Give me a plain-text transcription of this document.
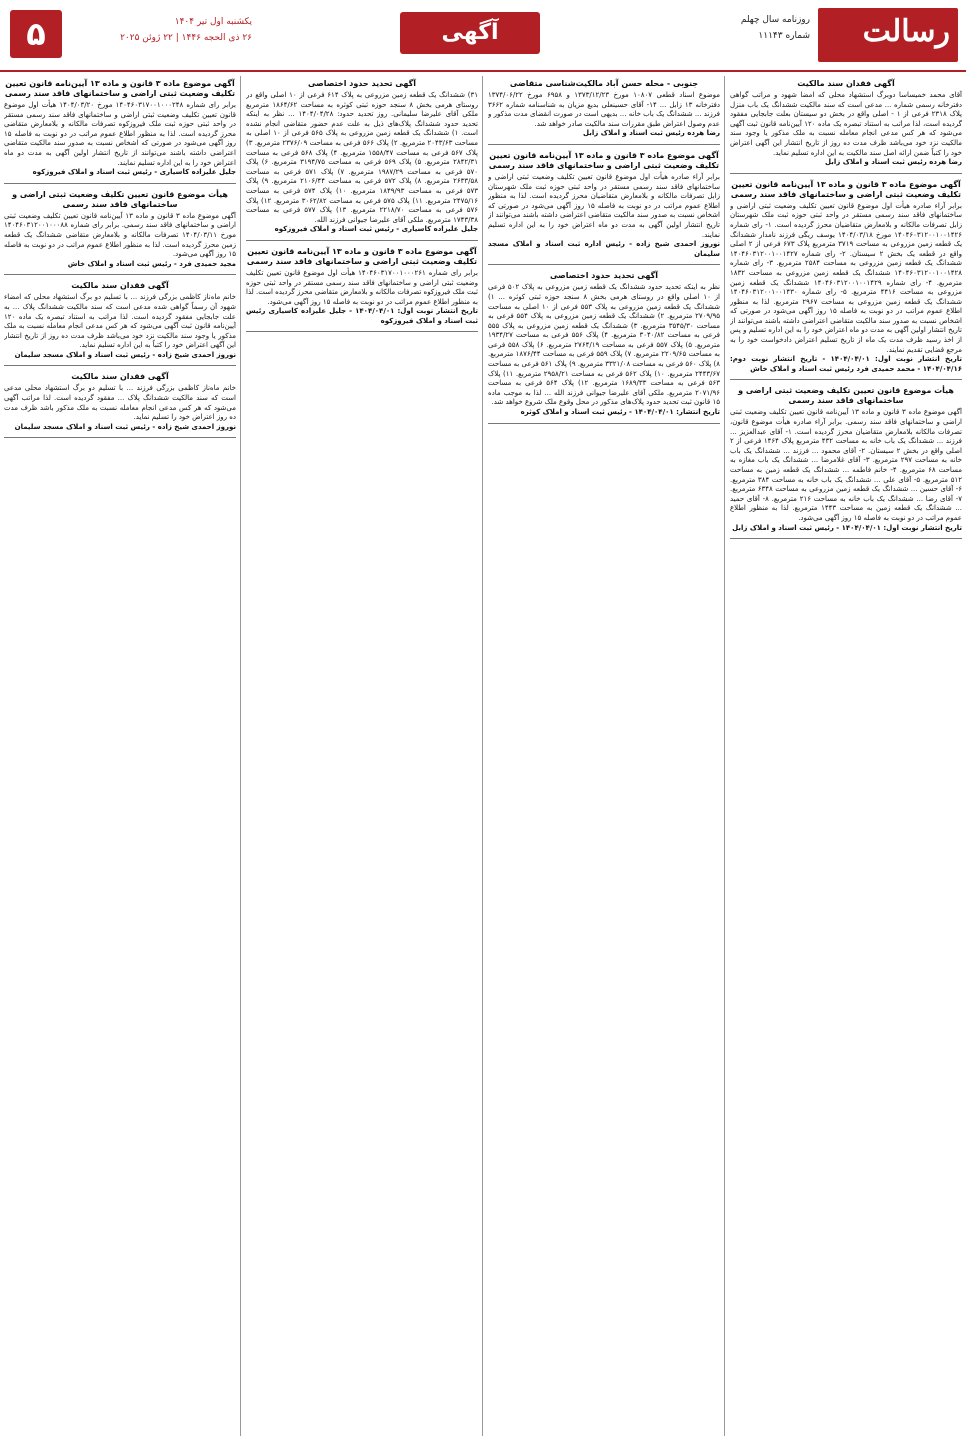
رسالت
روزنامه سال چهلم
شماره ۱۱۱۴۳
آگهی
یکشنبه اول تیر ۱۴۰۴
۲۶ ذی الحجه ۱۴۴۶ | ۲۲ ژوئن ۲۰۲۵
۵
آگهی فقدان سند مالکیت

آقای محمد خمیساسا دوبرگ استشهاد محلی که امضا شهود و مراتب گواهی دفترخانه رسمی شماره ... مدعی است که سند مالکیت ششدانگ یک باب منزل پلاک ۲۳۱۸ فرعی از ۱ - اصلی واقع در بخش دو سیستان بعلت جابجایی مفقود گردیده است، لذا مراتب به استناد تبصره یک ماده ۱۲۰ آیین‌نامه قانون ثبت آگهی می‌شود که هر کس مدعی انجام معامله نسبت به ملک مذکور یا وجود سند مالکیت نزد خود می‌باشد ظرف مدت ده روز از تاریخ انتشار این آگهی اعتراض خود را کتباً ضمن ارائه اصل سند مالکیت به این اداره تسلیم نماید.

رضا هرده رئیس ثبت اسناد و املاک زابل

آگهی موضوع ماده ۳ قانون و ماده ۱۳ آیین‌نامه قانون تعیین تکلیف وضعیت ثبتی اراضی و ساختمانهای فاقد سند رسمی

برابر آراء صادره هیأت اول موضوع قانون تعیین تکلیف وضعیت ثبتی اراضی و ساختمانهای فاقد سند رسمی مستقر در واحد ثبتی حوزه ثبت ملک شهرستان زابل تصرفات مالکانه و بلامعارض متقاضیان محرز گردیده است. ۱- رای شماره ۱۴۰۴۶۰۳۱۲۰۰۱۰۰۱۴۲۶ مورخ ۱۴۰۴/۰۳/۱۸ یوسف ریگی فرزند نامدار ششدانگ یک قطعه زمین مزروعی به مساحت ۳۷۱۹ مترمربع پلاک ۶۷۳ فرعی از ۲ اصلی واقع در قطعه یک بخش ۲ سیستان. ۲- رای شماره ۱۴۰۴۶۰۳۱۲۰۰۱۰۰۱۴۲۷ ششدانگ یک قطعه زمین مزروعی به مساحت ۲۵۸۴ مترمربع. ۳- رای شماره ۱۴۰۴۶۰۳۱۲۰۰۱۰۰۱۴۲۸ ششدانگ یک قطعه زمین مزروعی به مساحت ۱۸۳۲ مترمربع. ۴- رای شماره ۱۴۰۴۶۰۳۱۲۰۰۱۰۰۱۴۲۹ ششدانگ یک قطعه زمین مزروعی به مساحت ۴۴۱۶ مترمربع. ۵- رای شماره ۱۴۰۴۶۰۳۱۲۰۰۱۰۰۱۴۳۰ ششدانگ یک قطعه زمین مزروعی به مساحت ۲۹۶۷ مترمربع. لذا به منظور اطلاع عموم مراتب در دو نوبت به فاصله ۱۵ روز آگهی می‌شود در صورتی که اشخاص نسبت به صدور سند مالکیت متقاضی اعتراضی داشته باشند می‌توانند از تاریخ انتشار اولین آگهی به مدت دو ماه اعتراض خود را به این اداره تسلیم و پس از اخذ رسید ظرف مدت یک ماه از تاریخ تسلیم اعتراض دادخواست خود را به مرجع قضایی تقدیم نمایند.

تاریخ انتشار نوبت اول: ۱۴۰۴/۰۴/۰۱ - تاریخ انتشار نوبت دوم: ۱۴۰۴/۰۴/۱۶ - محمد حمیدی فرد رئیس ثبت اسناد و املاک خاش

هیأت موضوع قانون تعیین تکلیف وضعیت ثبتی اراضی و ساختمانهای فاقد سند رسمی

آگهی موضوع ماده ۳ قانون و ماده ۱۳ آیین‌نامه قانون تعیین تکلیف وضعیت ثبتی اراضی و ساختمانهای فاقد سند رسمی. برابر آراء صادره هیأت موضوع قانون، تصرفات مالکانه بلامعارض متقاضیان محرز گردیده است. ۱- آقای عبدالعزیز ... فرزند ... ششدانگ یک باب خانه به مساحت ۴۳۲ مترمربع پلاک ۱۴۶۴ فرعی از ۲ اصلی واقع در بخش ۲ سیستان. ۲- آقای محمود ... فرزند ... ششدانگ یک باب خانه به مساحت ۲۹۷ مترمربع. ۳- آقای غلامرضا ... ششدانگ یک باب مغازه به مساحت ۶۸ مترمربع. ۴- خانم فاطمه ... ششدانگ یک قطعه زمین به مساحت ۵۱۲ مترمربع. ۵- آقای علی ... ششدانگ یک باب خانه به مساحت ۳۸۴ مترمربع. ۶- آقای حسین ... ششدانگ یک قطعه زمین مزروعی به مساحت ۶۳۴۸ مترمربع. ۷- آقای رضا ... ششدانگ یک باب خانه به مساحت ۲۱۶ مترمربع. ۸- آقای حمید ... ششدانگ یک قطعه زمین به مساحت ۱۴۴۳ مترمربع. لذا به منظور اطلاع عموم مراتب در دو نوبت به فاصله ۱۵ روز آگهی می‌شود.

تاریخ انتشار نوبت اول: ۱۴۰۴/۰۴/۰۱ - رئیس ثبت اسناد و املاک زابل

جنوبی - محله حسن آباد مالکیت‌شناسی متقاضی

موضوع اسناد قطعی ۱۰۸۰۷ مورخ ۱۳۷۳/۱۲/۲۳ و ۶۹۵۸ مورخ ۱۳۷۴/۰۶/۲۲ دفترخانه ۱۳ زابل ... ۱۴- آقای حسینعلی بدیع مزیان به شناسنامه شماره ۳۶۶۲ فرزند ... ششدانگ یک باب خانه ... بدیهی است در صورت انقضای مدت مذکور و عدم وصول اعتراض طبق مقررات سند مالکیت صادر خواهد شد.

رضا هرده رئیس ثبت اسناد و املاک زابل

آگهی موضوع ماده ۳ قانون و ماده ۱۳ آیین‌نامه قانون تعیین تکلیف وضعیت ثبتی اراضی و ساختمانهای فاقد سند رسمی

برابر آراء صادره هیأت اول موضوع قانون تعیین تکلیف وضعیت ثبتی اراضی و ساختمانهای فاقد سند رسمی مستقر در واحد ثبتی حوزه ثبت ملک شهرستان زابل تصرفات مالکانه و بلامعارض متقاضیان محرز گردیده است. لذا به منظور اطلاع عموم مراتب در دو نوبت به فاصله ۱۵ روز آگهی می‌شود در صورتی که اشخاص نسبت به صدور سند مالکیت متقاضی اعتراضی داشته باشند می‌توانند از تاریخ انتشار اولین آگهی به مدت دو ماه اعتراض خود را به این اداره تسلیم نمایند.

نوروز احمدی شیخ زاده - رئیس اداره ثبت اسناد و املاک مسجد سلیمان

آگهی تحدید حدود اختصاصی

نظر به اینکه تحدید حدود ششدانگ یک قطعه زمین مزروعی به پلاک ۵۰۲ فرعی از ۱۰ اصلی واقع در روستای هرمی بخش ۸ سنجد حوزه ثبتی کوثره ... ۱) ششدانگ یک قطعه زمین مزروعی به پلاک ۵۵۳ فرعی از ۱۰ اصلی به مساحت ۲۷۰۹/۹۵ مترمربع. ۲) ششدانگ یک قطعه زمین مزروعی به پلاک ۵۵۴ فرعی به مساحت ۳۵۴۵/۳۰ مترمربع. ۳) ششدانگ یک قطعه زمین مزروعی به پلاک ۵۵۵ فرعی به مساحت ۳۰۴۰/۸۲ مترمربع. ۴) پلاک ۵۵۶ فرعی به مساحت ۱۹۳۴/۲۷ مترمربع. ۵) پلاک ۵۵۷ فرعی به مساحت ۲۷۶۴/۱۹ مترمربع. ۶) پلاک ۵۵۸ فرعی به مساحت ۲۲۰۹/۶۵ مترمربع. ۷) پلاک ۵۵۹ فرعی به مساحت ۱۸۷۶/۴۴ مترمربع. ۸) پلاک ۵۶۰ فرعی به مساحت ۳۳۲۱/۰۸ مترمربع. ۹) پلاک ۵۶۱ فرعی به مساحت ۲۴۴۳/۶۷ مترمربع. ۱۰) پلاک ۵۶۲ فرعی به مساحت ۲۹۵۸/۲۱ مترمربع. ۱۱) پلاک ۵۶۳ فرعی به مساحت ۱۶۸۹/۳۳ مترمربع. ۱۲) پلاک ۵۶۴ فرعی به مساحت ۲۰۷۱/۹۶ مترمربع. ملکی آقای علیرضا جیوانی فرزند الله ... لذا به موجب ماده ۱۵ قانون ثبت تحدید حدود پلاک‌های مذکور در محل وقوع ملک شروع خواهد شد.

تاریخ انتشار: ۱۴۰۴/۰۴/۰۱ - رئیس ثبت اسناد و املاک کوثره

آگهی تحدید حدود اختصاصی

۳۱) ششدانگ یک قطعه زمین مزروعی به پلاک ۶۱۴ فرعی از ۱۰ اصلی واقع در روستای هرمی بخش ۸ سنجد حوزه ثبتی کوثره به مساحت ۱۸۶۴/۶۲ مترمربع ملکی آقای علیرضا سلیمانی. روز تحدید حدود: ۱۴۰۴/۰۴/۲۸ ... نظر به اینکه تحدید حدود ششدانگ پلاک‌های ذیل به علت عدم حضور متقاضی انجام نشده است. ۱) ششدانگ یک قطعه زمین مزروعی به پلاک ۵۶۵ فرعی از ۱۰ اصلی به مساحت ۲۰۴۳/۶۳ مترمربع. ۲) پلاک ۵۶۶ فرعی به مساحت ۲۳۷۶/۰۹ مترمربع. ۳) پلاک ۵۶۷ فرعی به مساحت ۱۵۵۸/۴۷ مترمربع. ۴) پلاک ۵۶۸ فرعی به مساحت ۲۸۴۲/۳۱ مترمربع. ۵) پلاک ۵۶۹ فرعی به مساحت ۳۱۹۴/۷۵ مترمربع. ۶) پلاک ۵۷۰ فرعی به مساحت ۱۹۸۷/۲۹ مترمربع. ۷) پلاک ۵۷۱ فرعی به مساحت ۲۶۳۳/۵۸ مترمربع. ۸) پلاک ۵۷۲ فرعی به مساحت ۲۱۰۶/۴۴ مترمربع. ۹) پلاک ۵۷۳ فرعی به مساحت ۱۸۴۹/۹۳ مترمربع. ۱۰) پلاک ۵۷۴ فرعی به مساحت ۲۴۷۵/۱۶ مترمربع. ۱۱) پلاک ۵۷۵ فرعی به مساحت ۳۰۶۲/۸۲ مترمربع. ۱۲) پلاک ۵۷۶ فرعی به مساحت ۲۲۱۸/۷۰ مترمربع. ۱۳) پلاک ۵۷۷ فرعی به مساحت ۱۷۴۳/۳۸ مترمربع. ملکی آقای علیرضا جیوانی فرزند الله.

جلیل علیزاده کاسیاری - رئیس ثبت اسناد و املاک فیروزکوه

آگهی موضوع ماده ۳ قانون و ماده ۱۳ آیین‌نامه قانون تعیین تکلیف وضعیت ثبتی اراضی و ساختمانهای فاقد سند رسمی

برابر رای شماره ۱۴۰۴۶۰۳۱۷۰۰۱۰۰۰۲۶۱ هیأت اول موضوع قانون تعیین تکلیف وضعیت ثبتی اراضی و ساختمانهای فاقد سند رسمی مستقر در واحد ثبتی حوزه ثبت ملک فیروزکوه تصرفات مالکانه و بلامعارض متقاضی محرز گردیده است. لذا به منظور اطلاع عموم مراتب در دو نوبت به فاصله ۱۵ روز آگهی می‌شود.

تاریخ انتشار نوبت اول: ۱۴۰۴/۰۴/۰۱ - جلیل علیزاده کاسیاری رئیس ثبت اسناد و املاک فیروزکوه

آگهی موضوع ماده ۳ قانون و ماده ۱۳ آیین‌نامه قانون تعیین تکلیف وضعیت ثبتی اراضی و ساختمانهای فاقد سند رسمی

برابر رای شماره ۱۴۰۴۶۰۳۱۷۰۰۱۰۰۰۲۴۸ مورخ ۱۴۰۴/۰۳/۲۰ هیأت اول موضوع قانون تعیین تکلیف وضعیت ثبتی اراضی و ساختمانهای فاقد سند رسمی مستقر در واحد ثبتی حوزه ثبت ملک فیروزکوه تصرفات مالکانه و بلامعارض متقاضی محرز گردیده است. لذا به منظور اطلاع عموم مراتب در دو نوبت به فاصله ۱۵ روز آگهی می‌شود در صورتی که اشخاص نسبت به صدور سند مالکیت متقاضی اعتراضی داشته باشند می‌توانند از تاریخ انتشار اولین آگهی به مدت دو ماه اعتراض خود را به این اداره تسلیم نمایند.

جلیل علیزاده کاسیاری - رئیس ثبت اسناد و املاک فیروزکوه

هیأت موضوع قانون تعیین تکلیف وضعیت ثبتی اراضی و ساختمانهای فاقد سند رسمی

آگهی موضوع ماده ۳ قانون و ماده ۱۳ آیین‌نامه قانون تعیین تکلیف وضعیت ثبتی اراضی و ساختمانهای فاقد سند رسمی. برابر رای شماره ۱۴۰۴۶۰۳۱۲۰۰۱۰۰۰۸۸ مورخ ۱۴۰۴/۰۳/۱۱ تصرفات مالکانه و بلامعارض متقاضی ششدانگ یک قطعه زمین محرز گردیده است. لذا به منظور اطلاع عموم مراتب در دو نوبت به فاصله ۱۵ روز آگهی می‌شود.

مجید حمیدی فرد - رئیس ثبت اسناد و املاک خاش

آگهی فقدان سند مالکیت

خانم ماه‌ناز کاظمی بزرگی فرزند ... با تسلیم دو برگ استشهاد محلی که امضاء شهود آن رسماً گواهی شده مدعی است که سند مالکیت ششدانگ پلاک ... به علت جابجایی مفقود گردیده است. لذا مراتب به استناد تبصره یک ماده ۱۲۰ آیین‌نامه قانون ثبت آگهی می‌شود که هر کس مدعی انجام معامله نسبت به ملک مذکور یا وجود سند مالکیت نزد خود می‌باشد ظرف مدت ده روز از تاریخ انتشار این آگهی اعتراض خود را کتباً به این اداره تسلیم نماید.

نوروز احمدی شیخ زاده - رئیس ثبت اسناد و املاک مسجد سلیمان

آگهی فقدان سند مالکیت

خانم ماه‌ناز کاظمی بزرگی فرزند ... با تسلیم دو برگ استشهاد محلی مدعی است که سند مالکیت ششدانگ پلاک ... مفقود گردیده است. لذا مراتب آگهی می‌شود که هر کس مدعی انجام معامله نسبت به ملک مذکور باشد ظرف مدت ده روز اعتراض خود را تسلیم نماید.

نوروز احمدی شیخ زاده - رئیس ثبت اسناد و املاک مسجد سلیمان
